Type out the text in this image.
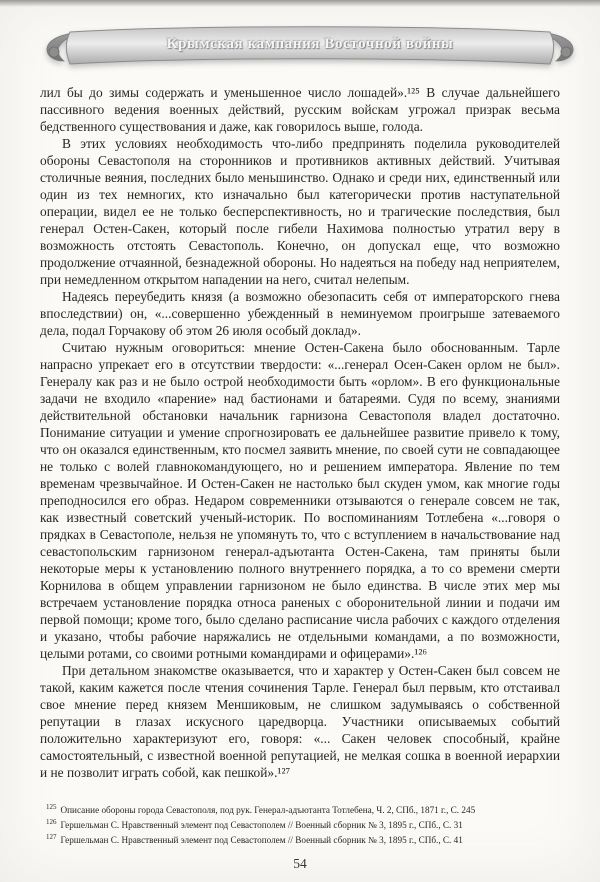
Крымская кампания Восточной войны

лил бы до зимы содержать и уменьшенное число лошадей».¹²⁵ В случае дальнейшего пассивного ведения военных действий, русским войскам угрожал призрак весьма бедственного существования и даже, как говорилось выше, голода.

В этих условиях необходимость что-либо предпринять поделила руководителей обороны Севастополя на сторонников и противников активных действий. Учитывая столичные веяния, последних было меньшинство. Однако и среди них, единственный или один из тех немногих, кто изначально был категорически против наступательной операции, видел ее не только бесперспективность, но и трагические последствия, был генерал Остен-Сакен, который после гибели Нахимова полностью утратил веру в возможность отстоять Севастополь. Конечно, он допускал еще, что возможно продолжение отчаянной, безнадежной обороны. Но надеяться на победу над неприятелем, при немедленном открытом нападении на него, считал нелепым.

Надеясь переубедить князя (а возможно обезопасить себя от императорского гнева впоследствии) он, «...совершенно убежденный в неминуемом проигрыше затеваемого дела, подал Горчакову об этом 26 июля особый доклад».

Считаю нужным оговориться: мнение Остен-Сакена было обоснованным. Тарле напрасно упрекает его в отсутствии твердости: «...генерал Осен-Сакен орлом не был». Генералу как раз и не было острой необходимости быть «орлом». В его функциональные задачи не входило «парение» над бастионами и батареями. Судя по всему, знаниями действительной обстановки начальник гарнизона Севастополя владел достаточно. Понимание ситуации и умение спрогнозировать ее дальнейшее развитие привело к тому, что он оказался единственным, кто посмел заявить мнение, по своей сути не совпадающее не только с волей главнокомандующего, но и решением императора. Явление по тем временам чрезвычайное. И Остен-Сакен не настолько был скуден умом, как многие годы преподносился его образ. Недаром современники отзываются о генерале совсем не так, как известный советский ученый-историк. По воспоминаниям Тотлебена «...говоря о прядках в Севастополе, нельзя не упомянуть то, что с вступлением в начальствование над севастопольским гарнизоном генерал-адъютанта Остен-Сакена, там приняты были некоторые меры к установлению полного внутреннего порядка, а то со времени смерти Корнилова в общем управлении гарнизоном не было единства. В числе этих мер мы встречаем установление порядка относа раненых с оборонительной линии и подачи им первой помощи; кроме того, было сделано расписание числа рабочих с каждого отделения и указано, чтобы рабочие наряжались не отдельными командами, а по возможности, целыми ротами, со своими ротными командирами и офицерами».¹²⁶

При детальном знакомстве оказывается, что и характер у Остен-Сакен был совсем не такой, каким кажется после чтения сочинения Тарле. Генерал был первым, кто отстаивал свое мнение перед князем Меншиковым, не слишком задумываясь о собственной репутации в глазах искусного царедворца. Участники описываемых событий положительно характеризуют его, говоря: «... Сакен человек способный, крайне самостоятельный, с известной военной репутацией, не мелкая сошка в военной иерархии и не позволит играть собой, как пешкой».¹²⁷

$^{125}$ Описание обороны города Севастополя, под рук. Генерал-адъютанта Тотлебена, Ч. 2, СПб., 1871 г., С. 245
$^{126}$ Гершельман С. Нравственный элемент под Севастополем // Военный сборник № 3, 1895 г., СПб., С. 31
$^{127}$ Гершельман С. Нравственный элемент под Севастополем // Военный сборник № 3, 1895 г., СПб., С. 41
54
